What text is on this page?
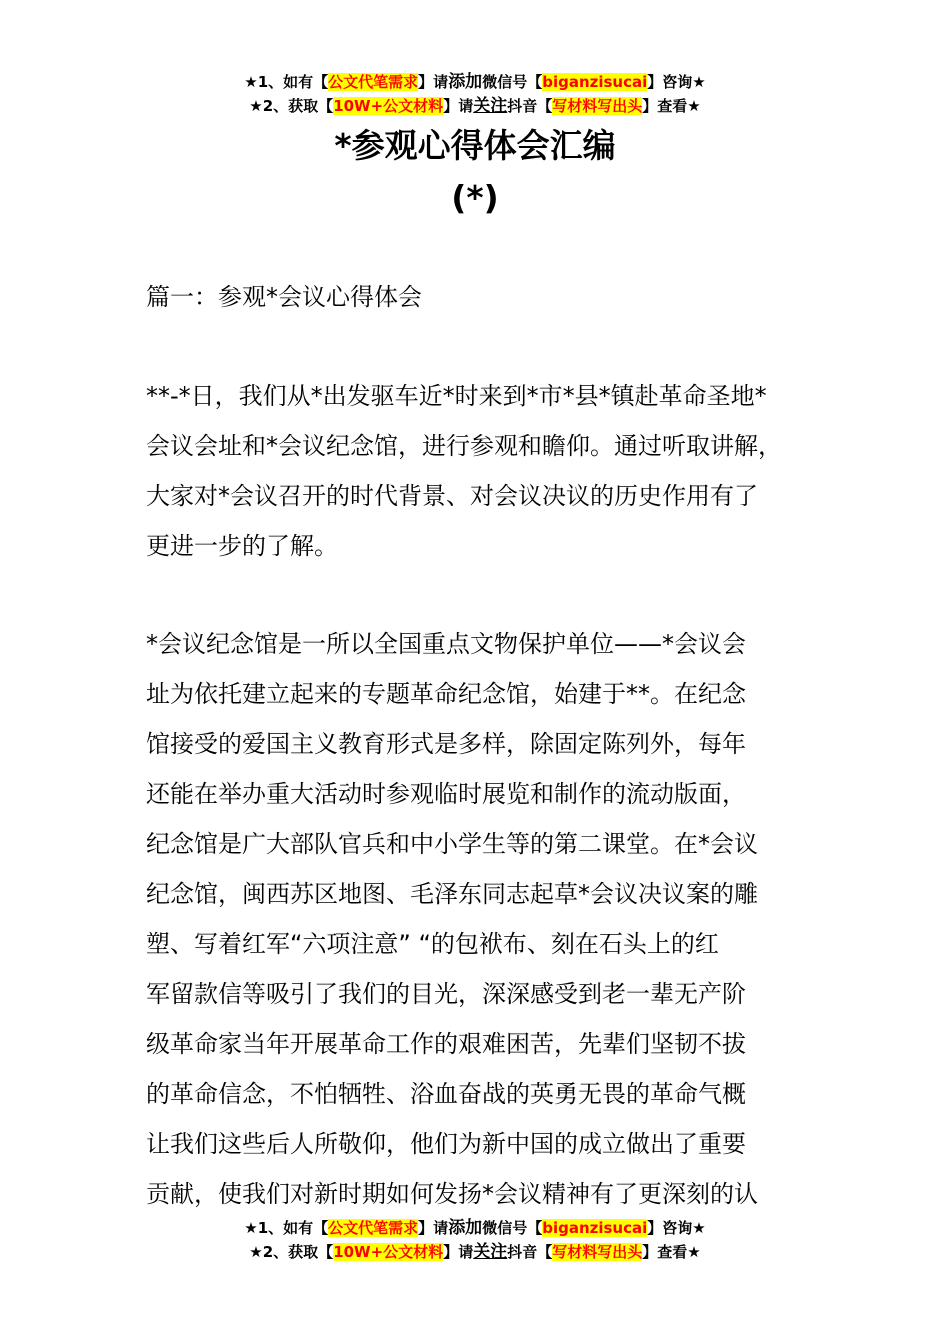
★1、如有【公文代笔需求】请添加微信号【biganzisucai】咨询★
★2、获取【10W+公文材料】请关注抖音【写材料写出头】查看★
*参观心得体会汇编
(*)
篇一：参观*会议心得体会
**-*日，我们从*出发驱车近*时来到*市*县*镇赴革命圣地*
会议会址和*会议纪念馆，进行参观和瞻仰。通过听取讲解，
大家对*会议召开的时代背景、对会议决议的历史作用有了
更进一步的了解。
*会议纪念馆是一所以全国重点文物保护单位——*会议会
址为依托建立起来的专题革命纪念馆，始建于**。在纪念
馆接受的爱国主义教育形式是多样，除固定陈列外，每年
还能在举办重大活动时参观临时展览和制作的流动版面，
纪念馆是广大部队官兵和中小学生等的第二课堂。在*会议
纪念馆，闽西苏区地图、毛泽东同志起草*会议决议案的雕
塑、写着红军“六项注意” “的包袱布、刻在石头上的红
军留款信等吸引了我们的目光，深深感受到老一辈无产阶
级革命家当年开展革命工作的艰难困苦，先辈们坚韧不拔
的革命信念，不怕牺牲、浴血奋战的英勇无畏的革命气概
让我们这些后人所敬仰，他们为新中国的成立做出了重要
贡献，使我们对新时期如何发扬*会议精神有了更深刻的认
★1、如有【公文代笔需求】请添加微信号【biganzisucai】咨询★
★2、获取【10W+公文材料】请关注抖音【写材料写出头】查看★
